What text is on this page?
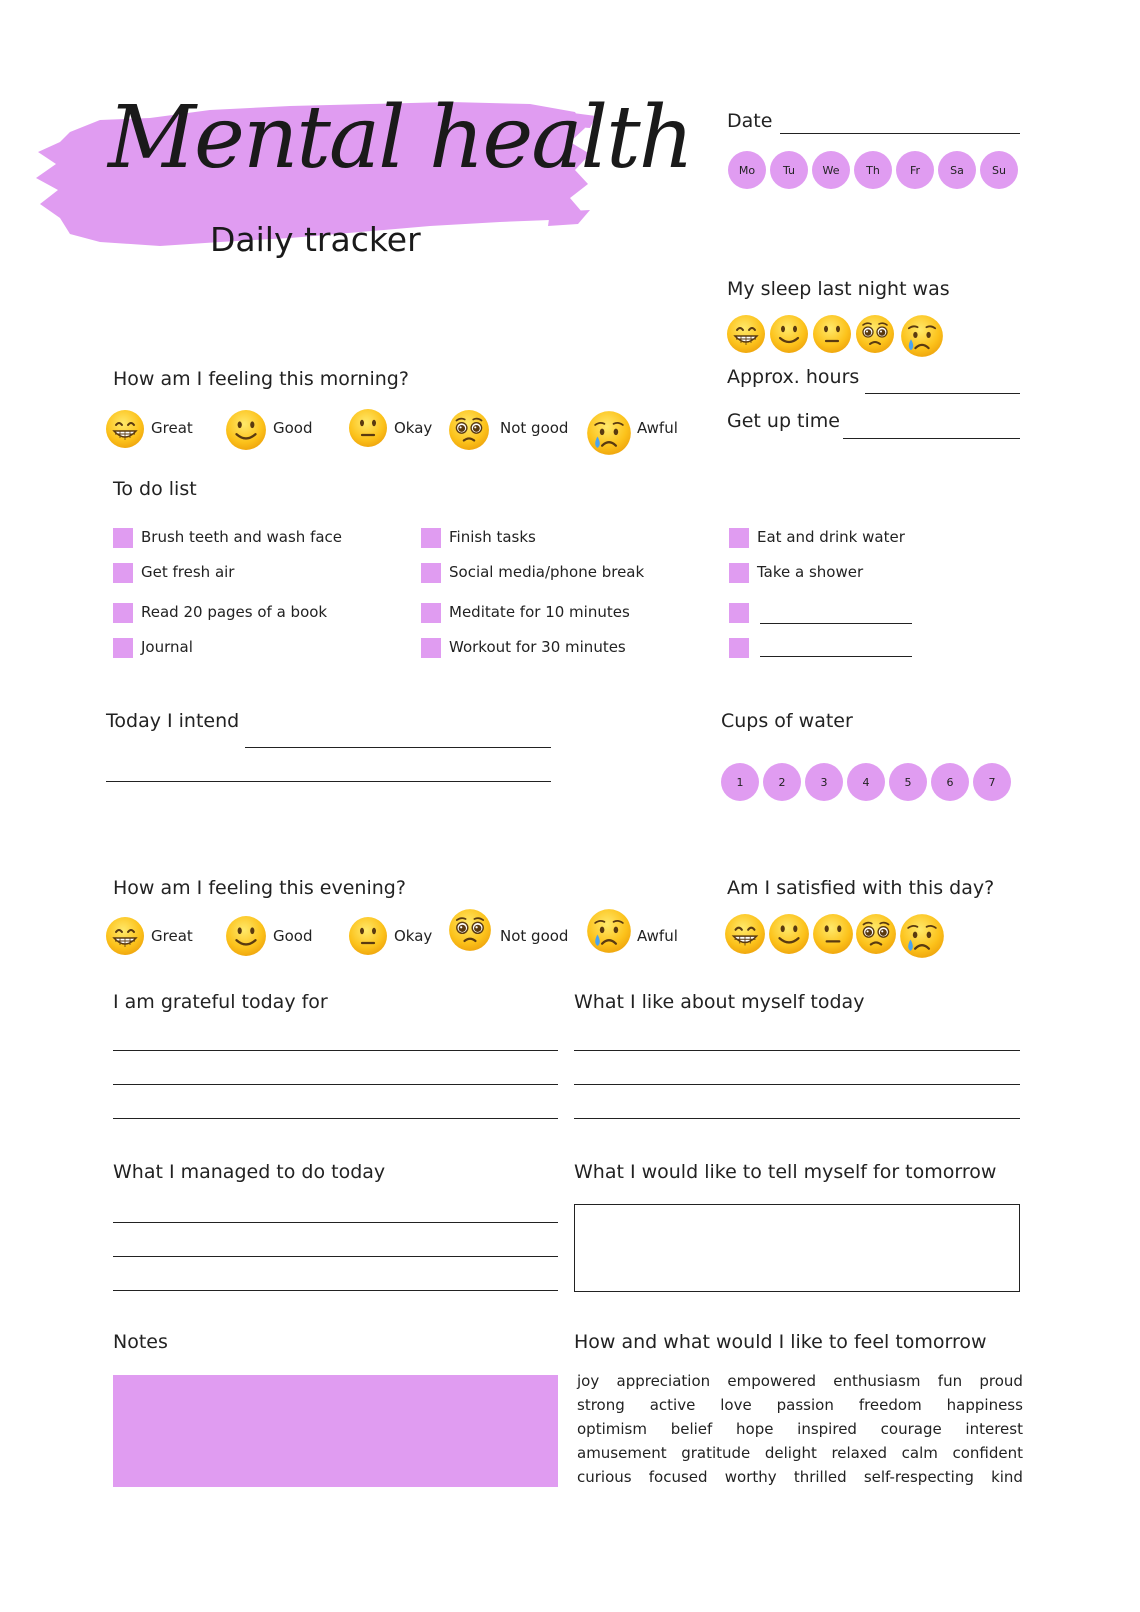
Mental health
Daily tracker
Date
Mo	Tu	We	Th	Fr	Sa	Su
My sleep last night was
Approx. hours
Get up time
How am I feeling this morning?
Great	Good	Okay	Not good	Awful
To do list
Brush teeth and wash face
Get fresh air
Read 20 pages of a book
Journal
Finish tasks
Social media/phone break
Meditate for 10 minutes
Workout for 30 minutes
Eat and drink water
Take a shower
Today I intend	Cups of water
1	2	3	4	5	6	7
How am I feeling this evening?
Great	Good	Okay	Not good	Awful
Am I satisfied with this day?
I am grateful today for	What I like about myself today
What I managed to do today	What I would like to tell myself for tomorrow
Notes	How and what would I like to feel tomorrow
joy appreciation empowered enthusiasm fun proud
strong active love passion freedom happiness
optimism belief hope inspired courage interest
amusement gratitude delight relaxed calm confident
curious focused worthy thrilled self-respecting kind
